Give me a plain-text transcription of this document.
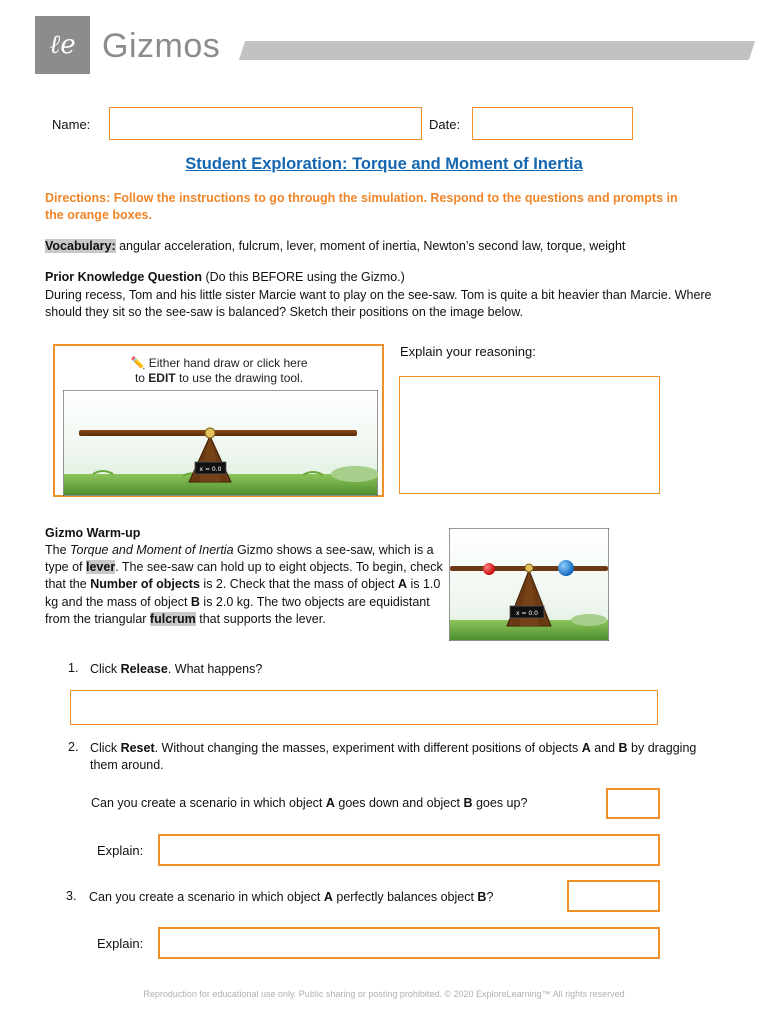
ℓe Gizmos
Name:	Date:
Student Exploration: Torque and Moment of Inertia
Directions: Follow the instructions to go through the simulation. Respond to the questions and prompts in the orange boxes.
Vocabulary: angular acceleration, fulcrum, lever, moment of inertia, Newton’s second law, torque, weight
Prior Knowledge Question (Do this BEFORE using the Gizmo.)
During recess, Tom and his little sister Marcie want to play on the see-saw. Tom is quite a bit heavier than Marcie. Where should they sit so the see-saw is balanced? Sketch their positions on the image below.
✏️ Either hand draw or click here
to EDIT to use the drawing tool.
x = 0.0
Explain your reasoning:
Gizmo Warm-up
The Torque and Moment of Inertia Gizmo shows a see-saw, which is a type of lever. The see-saw can hold up to eight objects. To begin, check that the Number of objects is 2. Check that the mass of object A is 1.0 kg and the mass of object B is 2.0 kg. The two objects are equidistant from the triangular fulcrum that supports the lever.	x = 0.0
1. Click Release. What happens?
2. Click Reset. Without changing the masses, experiment with different positions of objects A and B by dragging them around.
Can you create a scenario in which object A goes down and object B goes up?
Explain:
3. Can you create a scenario in which object A perfectly balances object B?
Explain:
Reproduction for educational use only. Public sharing or posting prohibited. © 2020 ExploreLearning™ All rights reserved
